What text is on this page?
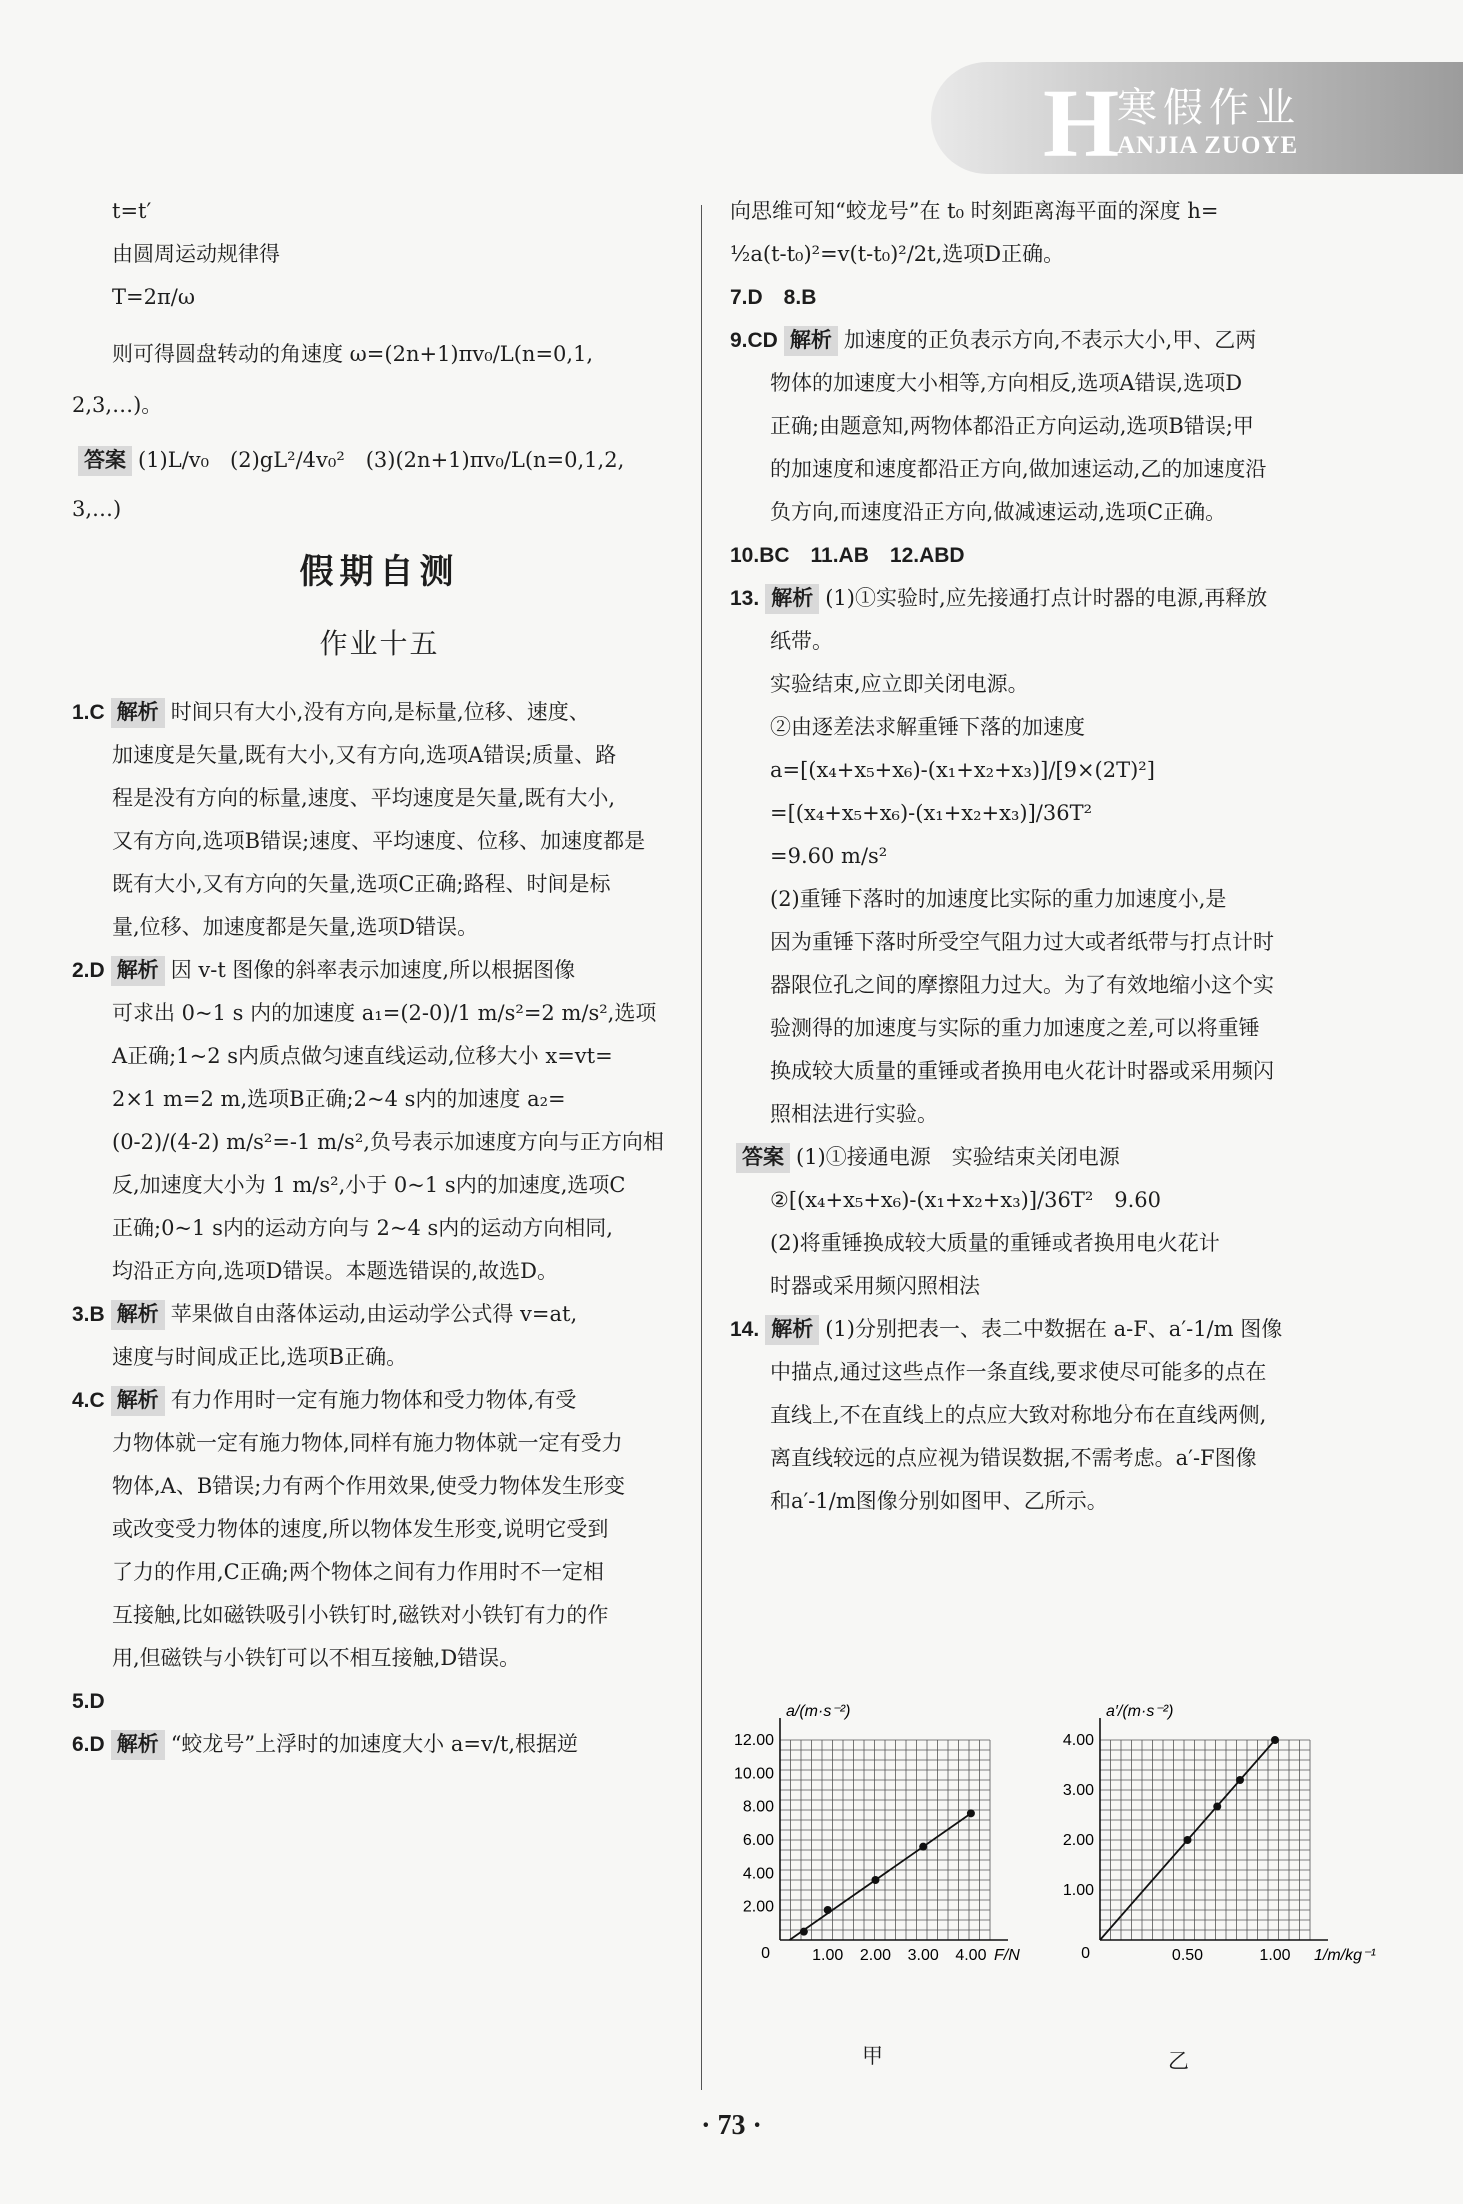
H
寒假作业
ANJIA ZUOYE

t=t′

由圆周运动规律得

T=2π/ω

则可得圆盘转动的角速度 ω=(2n+1)πv₀/L(n=0,1,

2,3,…)。

答案 (1)L/v₀　(2)gL²/4v₀²　(3)(2n+1)πv₀/L(n=0,1,2,

3,…)

假期自测
作业十五

1.C 解析 时间只有大小,没有方向,是标量,位移、速度、

加速度是矢量,既有大小,又有方向,选项A错误;质量、路

程是没有方向的标量,速度、平均速度是矢量,既有大小,

又有方向,选项B错误;速度、平均速度、位移、加速度都是

既有大小,又有方向的矢量,选项C正确;路程、时间是标

量,位移、加速度都是矢量,选项D错误。

2.D 解析 因 v-t 图像的斜率表示加速度,所以根据图像

可求出 0~1 s 内的加速度 a₁=(2-0)/1 m/s²=2 m/s²,选项

A正确;1~2 s内质点做匀速直线运动,位移大小 x=vt=

2×1 m=2 m,选项B正确;2~4 s内的加速度 a₂=

(0-2)/(4-2) m/s²=-1 m/s²,负号表示加速度方向与正方向相

反,加速度大小为 1 m/s²,小于 0~1 s内的加速度,选项C

正确;0~1 s内的运动方向与 2~4 s内的运动方向相同,

均沿正方向,选项D错误。本题选错误的,故选D。

3.B 解析 苹果做自由落体运动,由运动学公式得 v=at,

速度与时间成正比,选项B正确。

4.C 解析 有力作用时一定有施力物体和受力物体,有受

力物体就一定有施力物体,同样有施力物体就一定有受力

物体,A、B错误;力有两个作用效果,使受力物体发生形变

或改变受力物体的速度,所以物体发生形变,说明它受到

了力的作用,C正确;两个物体之间有力作用时不一定相

互接触,比如磁铁吸引小铁钉时,磁铁对小铁钉有力的作

用,但磁铁与小铁钉可以不相互接触,D错误。

5.D

6.D 解析 “蛟龙号”上浮时的加速度大小 a=v/t,根据逆

向思维可知“蛟龙号”在 t₀ 时刻距离海平面的深度 h=

½a(t-t₀)²=v(t-t₀)²/2t,选项D正确。

7.D　8.B

9.CD 解析 加速度的正负表示方向,不表示大小,甲、乙两

物体的加速度大小相等,方向相反,选项A错误,选项D

正确;由题意知,两物体都沿正方向运动,选项B错误;甲

的加速度和速度都沿正方向,做加速运动,乙的加速度沿

负方向,而速度沿正方向,做减速运动,选项C正确。

10.BC　11.AB　12.ABD

13. 解析 (1)①实验时,应先接通打点计时器的电源,再释放

纸带。

实验结束,应立即关闭电源。

②由逐差法求解重锤下落的加速度

a=[(x₄+x₅+x₆)-(x₁+x₂+x₃)]/[9×(2T)²]

=[(x₄+x₅+x₆)-(x₁+x₂+x₃)]/36T²

=9.60 m/s²

(2)重锤下落时的加速度比实际的重力加速度小,是

因为重锤下落时所受空气阻力过大或者纸带与打点计时

器限位孔之间的摩擦阻力过大。为了有效地缩小这个实

验测得的加速度与实际的重力加速度之差,可以将重锤

换成较大质量的重锤或者换用电火花计时器或采用频闪

照相法进行实验。

答案 (1)①接通电源　实验结束关闭电源

②[(x₄+x₅+x₆)-(x₁+x₂+x₃)]/36T²　9.60

(2)将重锤换成较大质量的重锤或者换用电火花计

时器或采用频闪照相法

14. 解析 (1)分别把表一、表二中数据在 a-F、a′-1/m 图像

中描点,通过这些点作一条直线,要求使尽可能多的点在

直线上,不在直线上的点应大致对称地分布在直线两侧,

离直线较远的点应视为错误数据,不需考虑。a′-F图像

和a′-1/m图像分别如图甲、乙所示。

1.00 2.00 3.00 4.00
2.00
4.00
6.00
8.00
10.00
12.00
0
a/(m·s⁻²)
F/N	0.50	1.00
1.00
2.00
3.00
4.00
0
a′/(m·s⁻²)
1/m/kg⁻¹
甲	乙
· 73 ·
